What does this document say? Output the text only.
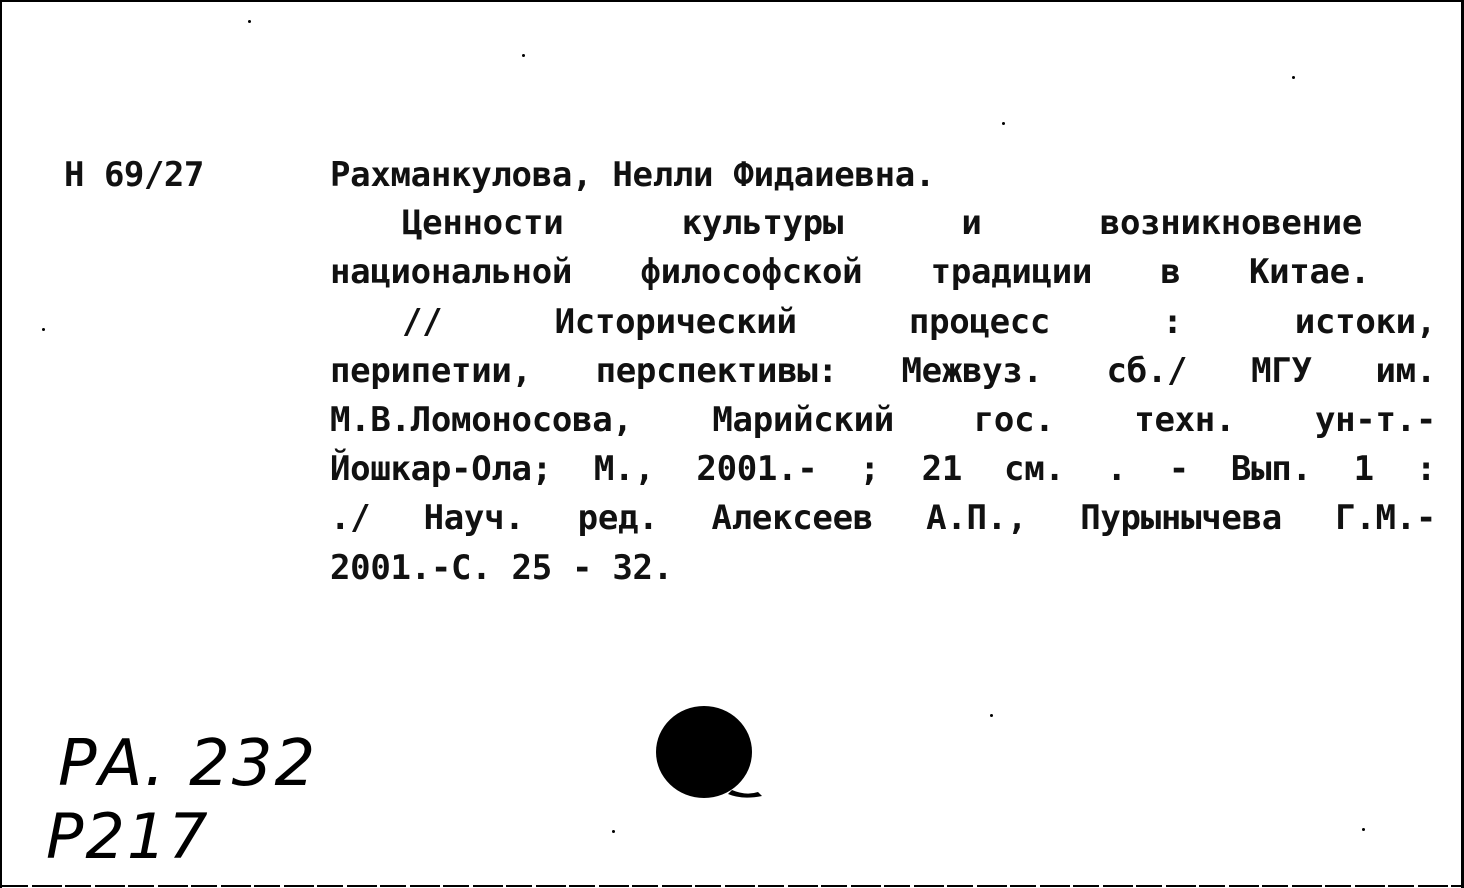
Н 69/27	Рахманкулова, Нелли Фидаиевна.
Ценности культуры и возникновение
национальной философской традиции в Китае.
// Исторический процесс : истоки,
перипетии, перспективы: Межвуз. сб./ МГУ им.
М.В.Ломоносова, Марийский гос. техн. ун-т.-
Йошкар-Ола; М., 2001.- ; 21 см. . - Вып. 1 :
./ Науч. ред. Алексеев А.П., Пурынычева Г.М.-
2001.-С. 25 - 32.
РА. 232
Р217
